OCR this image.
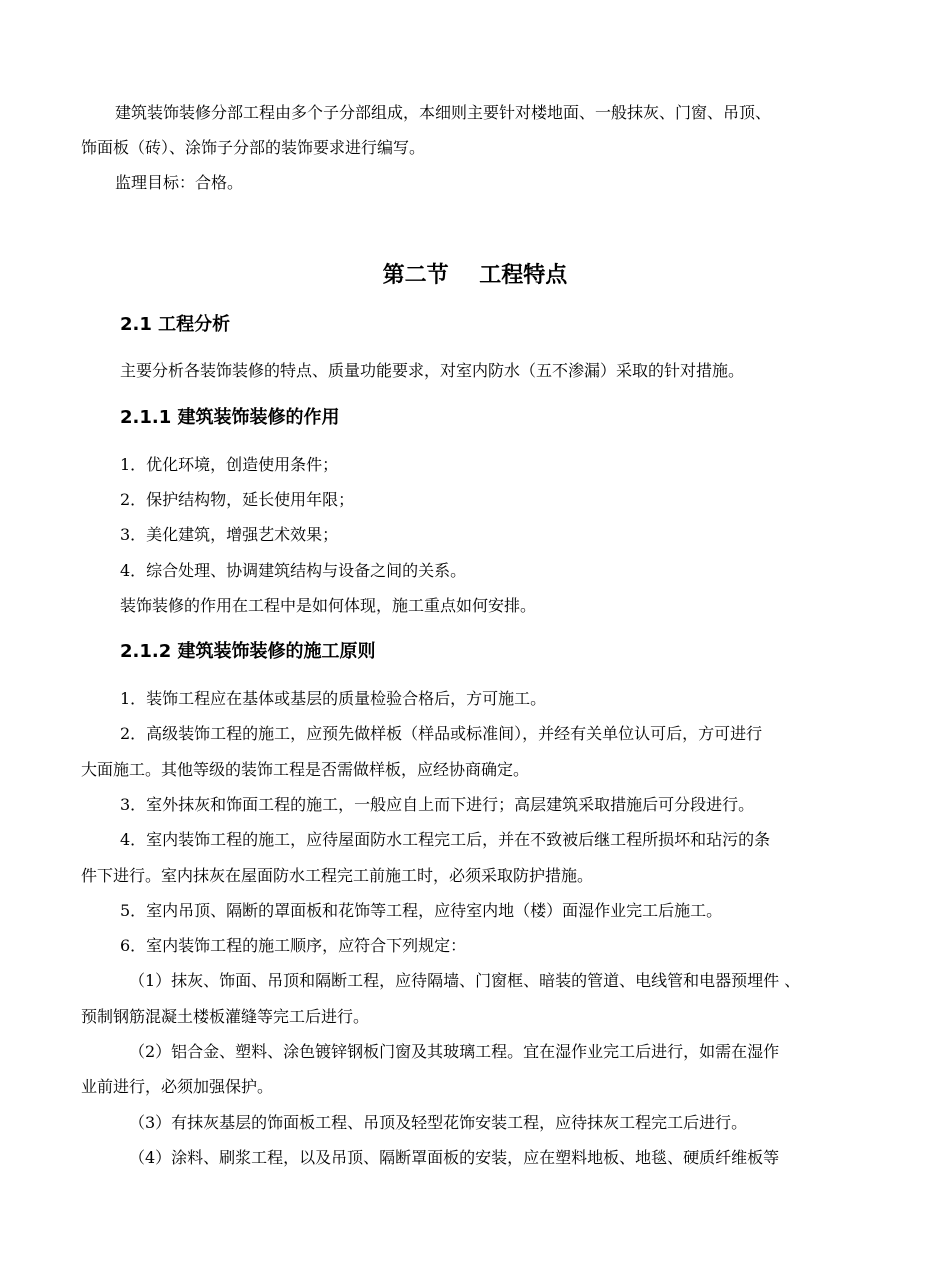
建筑装饰装修分部工程由多个子分部组成，本细则主要针对楼地面、一般抹灰、门窗、吊顶、
饰面板（砖）、涂饰子分部的装饰要求进行编写。
监理目标：合格。
第二节    工程特点
2.1 工程分析
主要分析各装饰装修的特点、质量功能要求，对室内防水（五不渗漏）采取的针对措施。
2.1.1 建筑装饰装修的作用
1．优化环境，创造使用条件；
2．保护结构物，延长使用年限；
3．美化建筑，增强艺术效果；
4．综合处理、协调建筑结构与设备之间的关系。
装饰装修的作用在工程中是如何体现，施工重点如何安排。
2.1.2 建筑装饰装修的施工原则
1．装饰工程应在基体或基层的质量检验合格后，方可施工。
2．高级装饰工程的施工，应预先做样板（样品或标准间），并经有关单位认可后，方可进行
大面施工。其他等级的装饰工程是否需做样板，应经协商确定。
3．室外抹灰和饰面工程的施工，一般应自上而下进行；高层建筑采取措施后可分段进行。
4．室内装饰工程的施工，应待屋面防水工程完工后，并在不致被后继工程所损坏和玷污的条
件下进行。室内抹灰在屋面防水工程完工前施工时，必须采取防护措施。
5．室内吊顶、隔断的罩面板和花饰等工程，应待室内地（楼）面湿作业完工后施工。
6．室内装饰工程的施工顺序，应符合下列规定：
（1）抹灰、饰面、吊顶和隔断工程，应待隔墙、门窗框、暗装的管道、电线管和电器预埋件 、
预制钢筋混凝土楼板灌缝等完工后进行。
（2）铝合金、塑料、涂色镀锌钢板门窗及其玻璃工程。宜在湿作业完工后进行，如需在湿作
业前进行，必须加强保护。
（3）有抹灰基层的饰面板工程、吊顶及轻型花饰安装工程，应待抹灰工程完工后进行。
（4）涂料、刷浆工程，以及吊顶、隔断罩面板的安装，应在塑料地板、地毯、硬质纤维板等
